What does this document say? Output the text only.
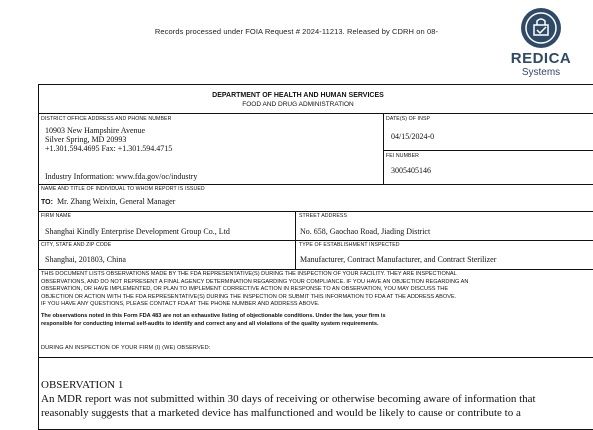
Records processed under FOIA Request # 2024-11213. Released by CDRH on 08-
REDICA
Systems
DEPARTMENT OF HEALTH AND HUMAN SERVICES
FOOD AND DRUG ADMINISTRATION
DISTRICT OFFICE ADDRESS AND PHONE NUMBER
10903 New Hampshire Avenue
Silver Spring, MD 20993
+1.301.594.4695 Fax: +1.301.594.4715
Industry Information: www.fda.gov/oc/industry
DATE(S) OF INSP
04/15/2024-0
FEI NUMBER
3005405146
NAME AND TITLE OF INDIVIDUAL TO WHOM REPORT IS ISSUED
TO: Mr. Zhang Weixin, General Manager
FIRM NAME
Shanghai Kindly Enterprise Development Group Co., Ltd
STREET ADDRESS
No. 658, Gaochao Road, Jiading District
CITY, STATE AND ZIP CODE
Shanghai, 201803, China
TYPE OF ESTABLISHMENT INSPECTED
Manufacturer, Contract Manufacturer, and Contract Sterilizer
THIS DOCUMENT LISTS OBSERVATIONS MADE BY THE FDA REPRESENTATIVE(S) DURING THE INSPECTION OF YOUR FACILITY. THEY ARE INSPECTIONAL
OBSERVATIONS, AND DO NOT REPRESENT A FINAL AGENCY DETERMINATION REGARDING YOUR COMPLIANCE. IF YOU HAVE AN OBJECTION REGARDING AN
OBSERVATION, OR HAVE IMPLEMENTED, OR PLAN TO IMPLEMENT CORRECTIVE ACTION IN RESPONSE TO AN OBSERVATION, YOU MAY DISCUSS THE
OBJECTION OR ACTION WITH THE FDA REPRESENTATIVE(S) DURING THE INSPECTION OR SUBMIT THIS INFORMATION TO FDA AT THE ADDRESS ABOVE.
IF YOU HAVE ANY QUESTIONS, PLEASE CONTACT FDA AT THE PHONE NUMBER AND ADDRESS ABOVE.
The observations noted in this Form FDA 483 are not an exhaustive listing of objectionable conditions. Under the law, your firm is
responsible for conducting internal self-audits to identify and correct any and all violations of the quality system requirements.
DURING AN INSPECTION OF YOUR FIRM (I) (WE) OBSERVED:
OBSERVATION 1
An MDR report was not submitted within 30 days of receiving or otherwise becoming aware of information that
reasonably suggests that a marketed device has malfunctioned and would be likely to cause or contribute to a
